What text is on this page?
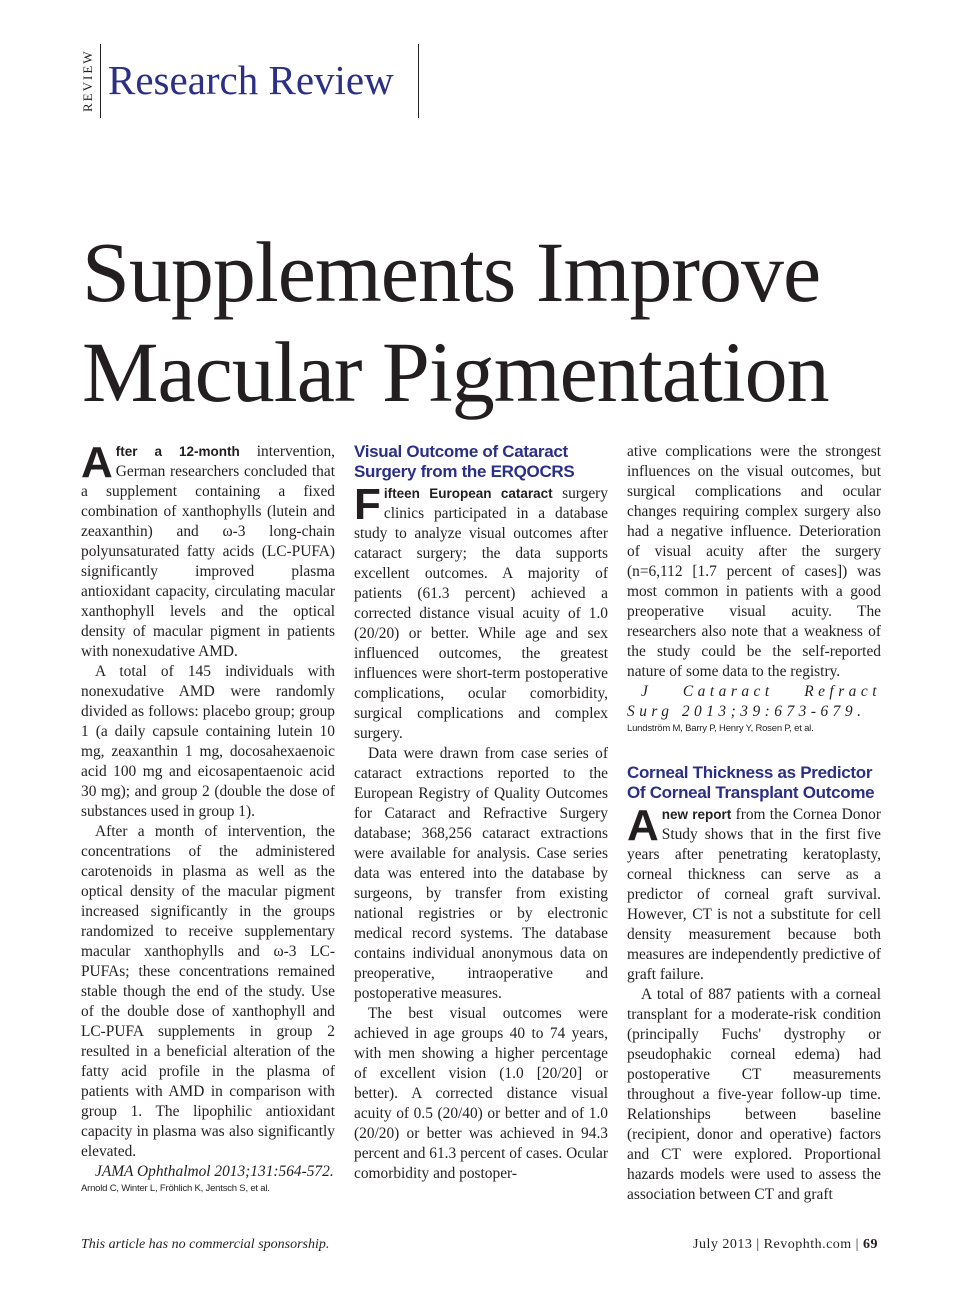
REVIEW Research Review
Supplements Improve
Macular Pigmentation

After a 12-month intervention, German researchers concluded that a supplement containing a fixed combination of xanthophylls (lutein and zeaxanthin) and ω-3 long-chain polyunsaturated fatty acids (LC-PUFA) significantly improved plasma antioxidant capacity, circulating macular xanthophyll levels and the optical density of macular pigment in patients with nonexudative AMD.

A total of 145 individuals with nonexudative AMD were randomly divided as follows: placebo group; group 1 (a daily capsule containing lutein 10 mg, zeaxanthin 1 mg, docosahexaenoic acid 100 mg and eicosapentaenoic acid 30 mg); and group 2 (double the dose of substances used in group 1).

After a month of intervention, the concentrations of the administered carotenoids in plasma as well as the optical density of the macular pigment increased significantly in the groups randomized to receive supplementary macular xanthophylls and ω-3 LC-PUFAs; these concentrations remained stable though the end of the study. Use of the double dose of xanthophyll and LC-PUFA supplements in group 2 resulted in a beneficial alteration of the fatty acid profile in the plasma of patients with AMD in comparison with group 1. The lipophilic antioxidant capacity in plasma was also significantly elevated.

JAMA Ophthalmol 2013;131:564-572.

Arnold C, Winter L, Fröhlich K, Jentsch S, et al.
Visual Outcome of Cataract Surgery from the ERQOCRS

Fifteen European cataract surgery clinics participated in a database study to analyze visual outcomes after cataract surgery; the data supports excellent outcomes. A majority of patients (61.3 percent) achieved a corrected distance visual acuity of 1.0 (20/20) or better. While age and sex influenced outcomes, the greatest influences were short-term postoperative complications, ocular comorbidity, surgical complications and complex surgery.

Data were drawn from case series of cataract extractions reported to the European Registry of Quality Outcomes for Cataract and Refractive Surgery database; 368,256 cataract extractions were available for analysis. Case series data was entered into the database by surgeons, by transfer from existing national registries or by electronic medical record systems. The database contains individual anonymous data on preoperative, intraoperative and postoperative measures.

The best visual outcomes were achieved in age groups 40 to 74 years, with men showing a higher percentage of excellent vision (1.0 [20/20] or better). A corrected distance visual acuity of 0.5 (20/40) or better and of 1.0 (20/20) or better was achieved in 94.3 percent and 61.3 percent of cases. Ocular comorbidity and postoper-

ative complications were the strongest influences on the visual outcomes, but surgical complications and ocular changes requiring complex surgery also had a negative influence. Deterioration of visual acuity after the surgery (n=6,112 [1.7 percent of cases]) was most common in patients with a good preoperative visual acuity. The researchers also note that a weakness of the study could be the self-reported nature of some data to the registry.

J Cataract Refract Surg 2013;39:673-679.

Lundström M, Barry P, Henry Y, Rosen P, et al.
Corneal Thickness as Predictor Of Corneal Transplant Outcome

Anew report from the Cornea Donor Study shows that in the first five years after penetrating keratoplasty, corneal thickness can serve as a predictor of corneal graft survival. However, CT is not a substitute for cell density measurement because both measures are independently predictive of graft failure.

A total of 887 patients with a corneal transplant for a moderate-risk condition (principally Fuchs' dystrophy or pseudophakic corneal edema) had postoperative CT measurements throughout a five-year follow-up time. Relationships between baseline (recipient, donor and operative) factors and CT were explored. Proportional hazards models were used to assess the association between CT and graft

This article has no commercial sponsorship.	July 2013 | Revophth.com | 69
